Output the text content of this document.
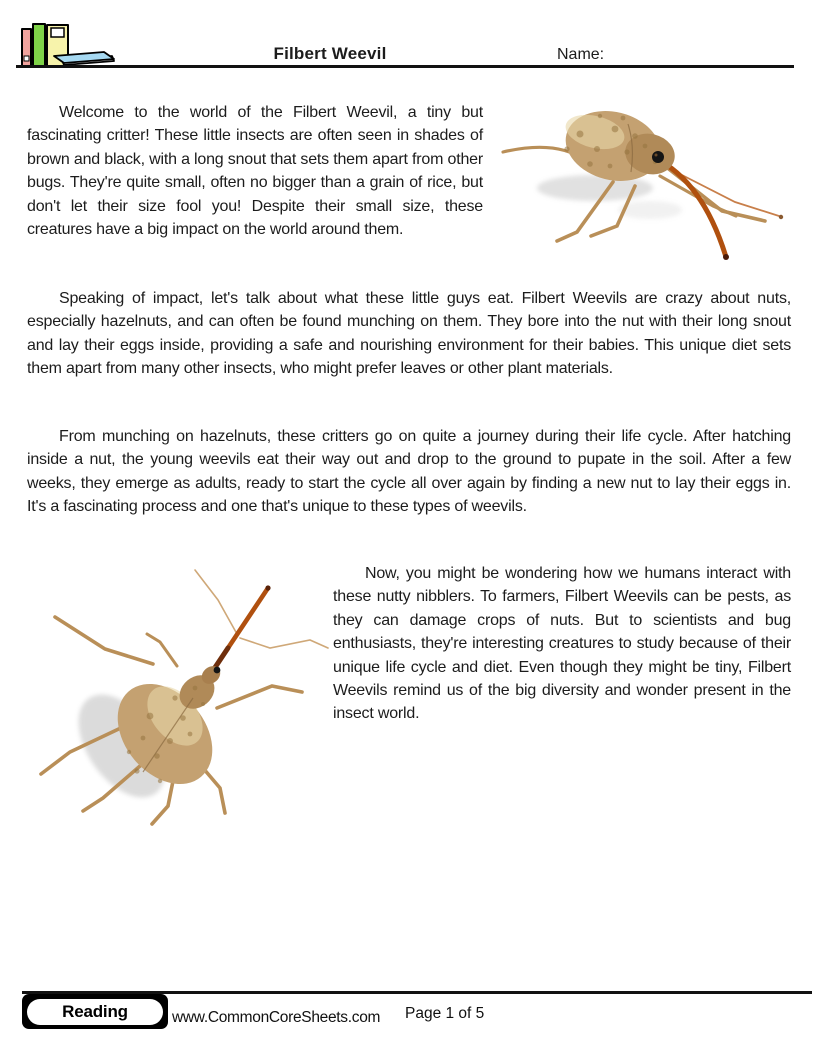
Filbert Weevil	Name:

Welcome to the world of the Filbert Weevil, a tiny but fascinating critter! These little insects are often seen in shades of brown and black, with a long snout that sets them apart from other bugs. They're quite small, often no bigger than a grain of rice, but don't let their size fool you! Despite their small size, these creatures have a big impact on the world around them.

Speaking of impact, let's talk about what these little guys eat. Filbert Weevils are crazy about nuts, especially hazelnuts, and can often be found munching on them. They bore into the nut with their long snout and lay their eggs inside, providing a safe and nourishing environment for their babies. This unique diet sets them apart from many other insects, who might prefer leaves or other plant materials.

From munching on hazelnuts, these critters go on quite a journey during their life cycle. After hatching inside a nut, the young weevils eat their way out and drop to the ground to pupate in the soil. After a few weeks, they emerge as adults, ready to start the cycle all over again by finding a new nut to lay their eggs in. It's a fascinating process and one that's unique to these types of weevils.

Now, you might be wondering how we humans interact with these nutty nibblers. To farmers, Filbert Weevils can be pests, as they can damage crops of nuts. But to scientists and bug enthusiasts, they're interesting creatures to study because of their unique life cycle and diet. Even though they might be tiny, Filbert Weevils remind us of the big diversity and wonder present in the insect world.

Reading	www.CommonCoreSheets.com Page 1 of 5
